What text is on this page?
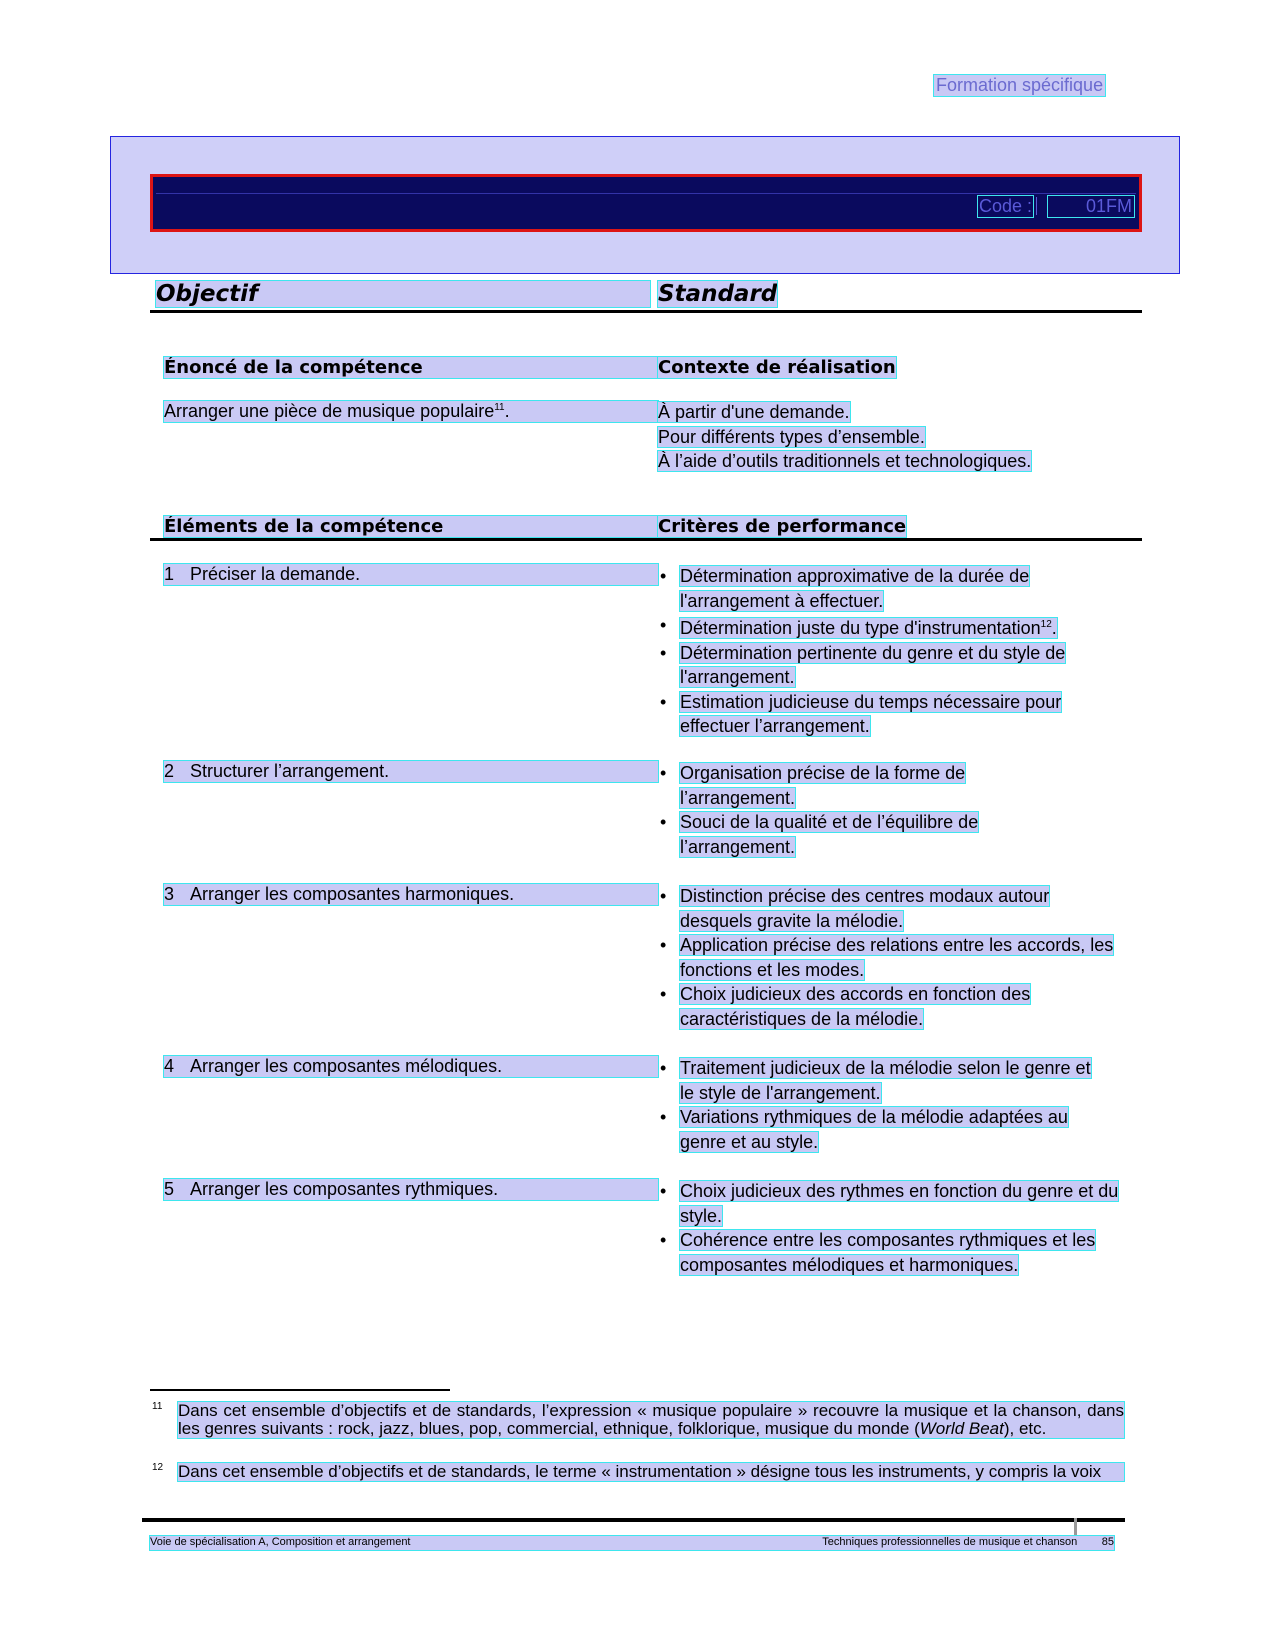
Formation spécifique
Code :	01FM
Objectif	Standard
Énoncé de la compétence	Contexte de réalisation
Arranger une pièce de musique populaire$^{11}$.	À partir d'une demande.
Pour différents types d’ensemble.
À l’aide d’outils traditionnels et technologiques.
Éléments de la compétence	Critères de performance
1 Préciser la demande.	• Détermination approximative de la durée de l'arrangement à effectuer.
• Détermination juste du type d'instrumentation$^{12}$.
• Détermination pertinente du genre et du style de l'arrangement.
• Estimation judicieuse du temps nécessaire pour effectuer l’arrangement.
2 Structurer l’arrangement.	• Organisation précise de la forme de l’arrangement.
• Souci de la qualité et de l’équilibre de l’arrangement.
3 Arranger les composantes harmoniques.	• Distinction précise des centres modaux autour desquels gravite la mélodie.
• Application précise des relations entre les accords, les fonctions et les modes.
• Choix judicieux des accords en fonction des caractéristiques de la mélodie.
4 Arranger les composantes mélodiques.	• Traitement judicieux de la mélodie selon le genre et le style de l'arrangement.
• Variations rythmiques de la mélodie adaptées au genre et au style.
5 Arranger les composantes rythmiques.	• Choix judicieux des rythmes en fonction du genre et du style.
• Cohérence entre les composantes rythmiques et les composantes mélodiques et harmoniques.
11 Dans cet ensemble d’objectifs et de standards, l’expression « musique populaire » recouvre la musique et la chanson, dans les genres suivants : rock, jazz, blues, pop, commercial, ethnique, folklorique, musique du monde (World Beat), etc.
12 Dans cet ensemble d’objectifs et de standards, le terme « instrumentation » désigne tous les instruments, y compris la voix
Voie de spécialisation A, Composition et arrangement	Techniques professionnelles de musique et chanson 85
